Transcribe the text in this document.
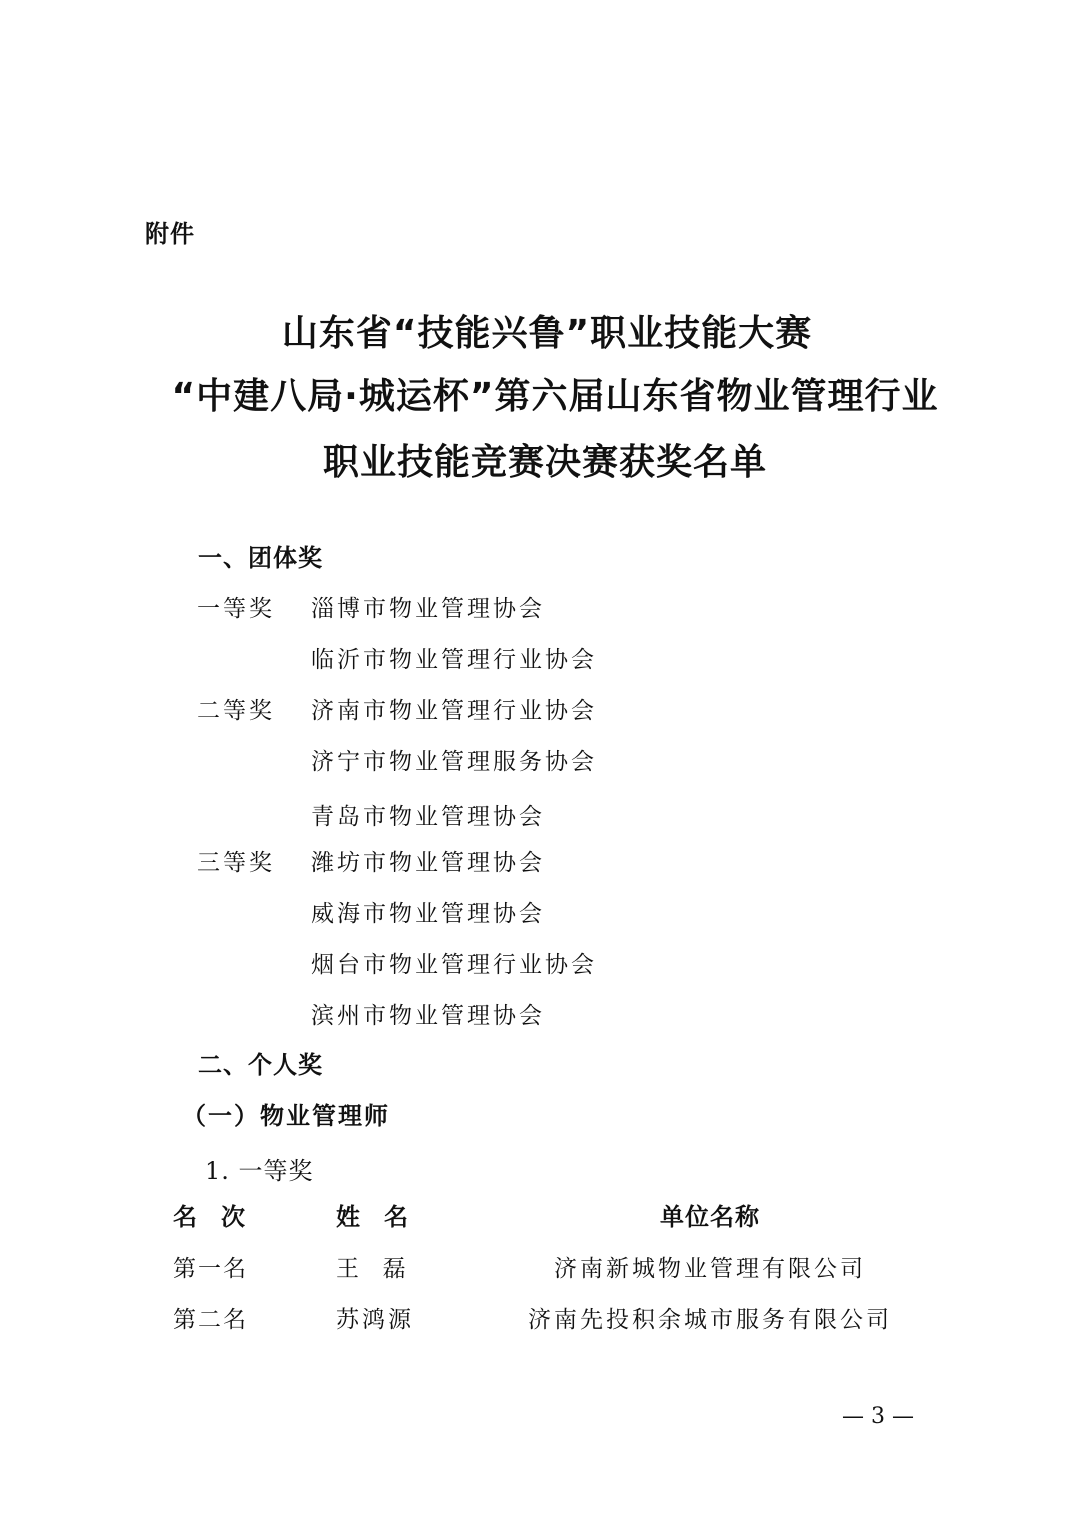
附件
山东省“技能兴鲁”职业技能大赛
“中建八局·城运杯”第六届山东省物业管理行业
职业技能竞赛决赛获奖名单
一、团体奖
一等奖 淄博市物业管理协会
临沂市物业管理行业协会
二等奖 济南市物业管理行业协会
济宁市物业管理服务协会
青岛市物业管理协会
三等奖 潍坊市物业管理协会
威海市物业管理协会
烟台市物业管理行业协会
滨州市物业管理协会
二、个人奖
（一）物业管理师
1. 一等奖
名次	姓名	单位名称
第一名	王  磊	济南新城物业管理有限公司
第二名	苏鸿源	济南先投积余城市服务有限公司
— 3 —
